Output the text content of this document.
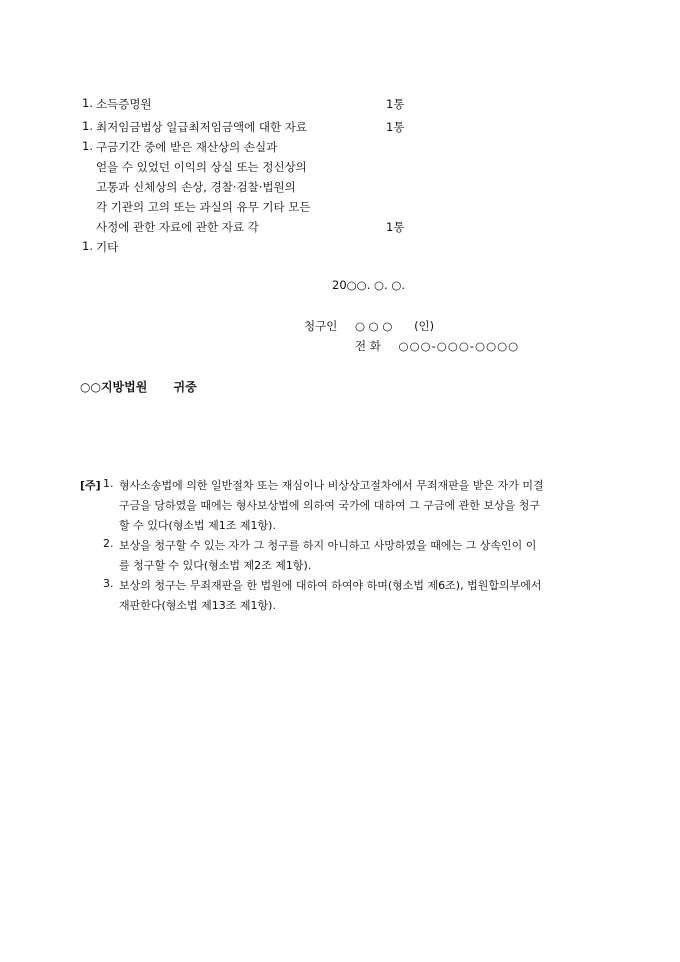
1. 소득증명원	1통
1. 최저임금법상 일급최저임금액에 대한 자료	1통
1. 구금기간 중에 받은 재산상의 손실과
얻을 수 있었던 이익의 상실 또는 정신상의
고통과 신체상의 손상, 경찰·검찰·법원의
각 기관의 고의 또는 과실의 유무 기타 모든
사정에 관한 자료에 관한 자료 각	1통
1. 기타
20○○. ○. ○.
청구인 ○ ○ ○ (인)
전 화 ○○○-○○○-○○○○
○○지방법원 귀중
[주] 1. 형사소송법에 의한 일반절차 또는 재심이나 비상상고절차에서 무죄재판을 받은 자가 미결
구금을 당하였을 때에는 형사보상법에 의하여 국가에 대하여 그 구금에 관한 보상을 청구
할 수 있다(형소법 제1조 제1항).
2. 보상을 청구할 수 있는 자가 그 청구를 하지 아니하고 사망하였을 때에는 그 상속인이 이
를 청구할 수 있다(형소법 제2조 제1항).
3. 보상의 청구는 무죄재판을 한 법원에 대하여 하여야 하며(형소법 제6조), 법원합의부에서
재판한다(형소법 제13조 제1항).
